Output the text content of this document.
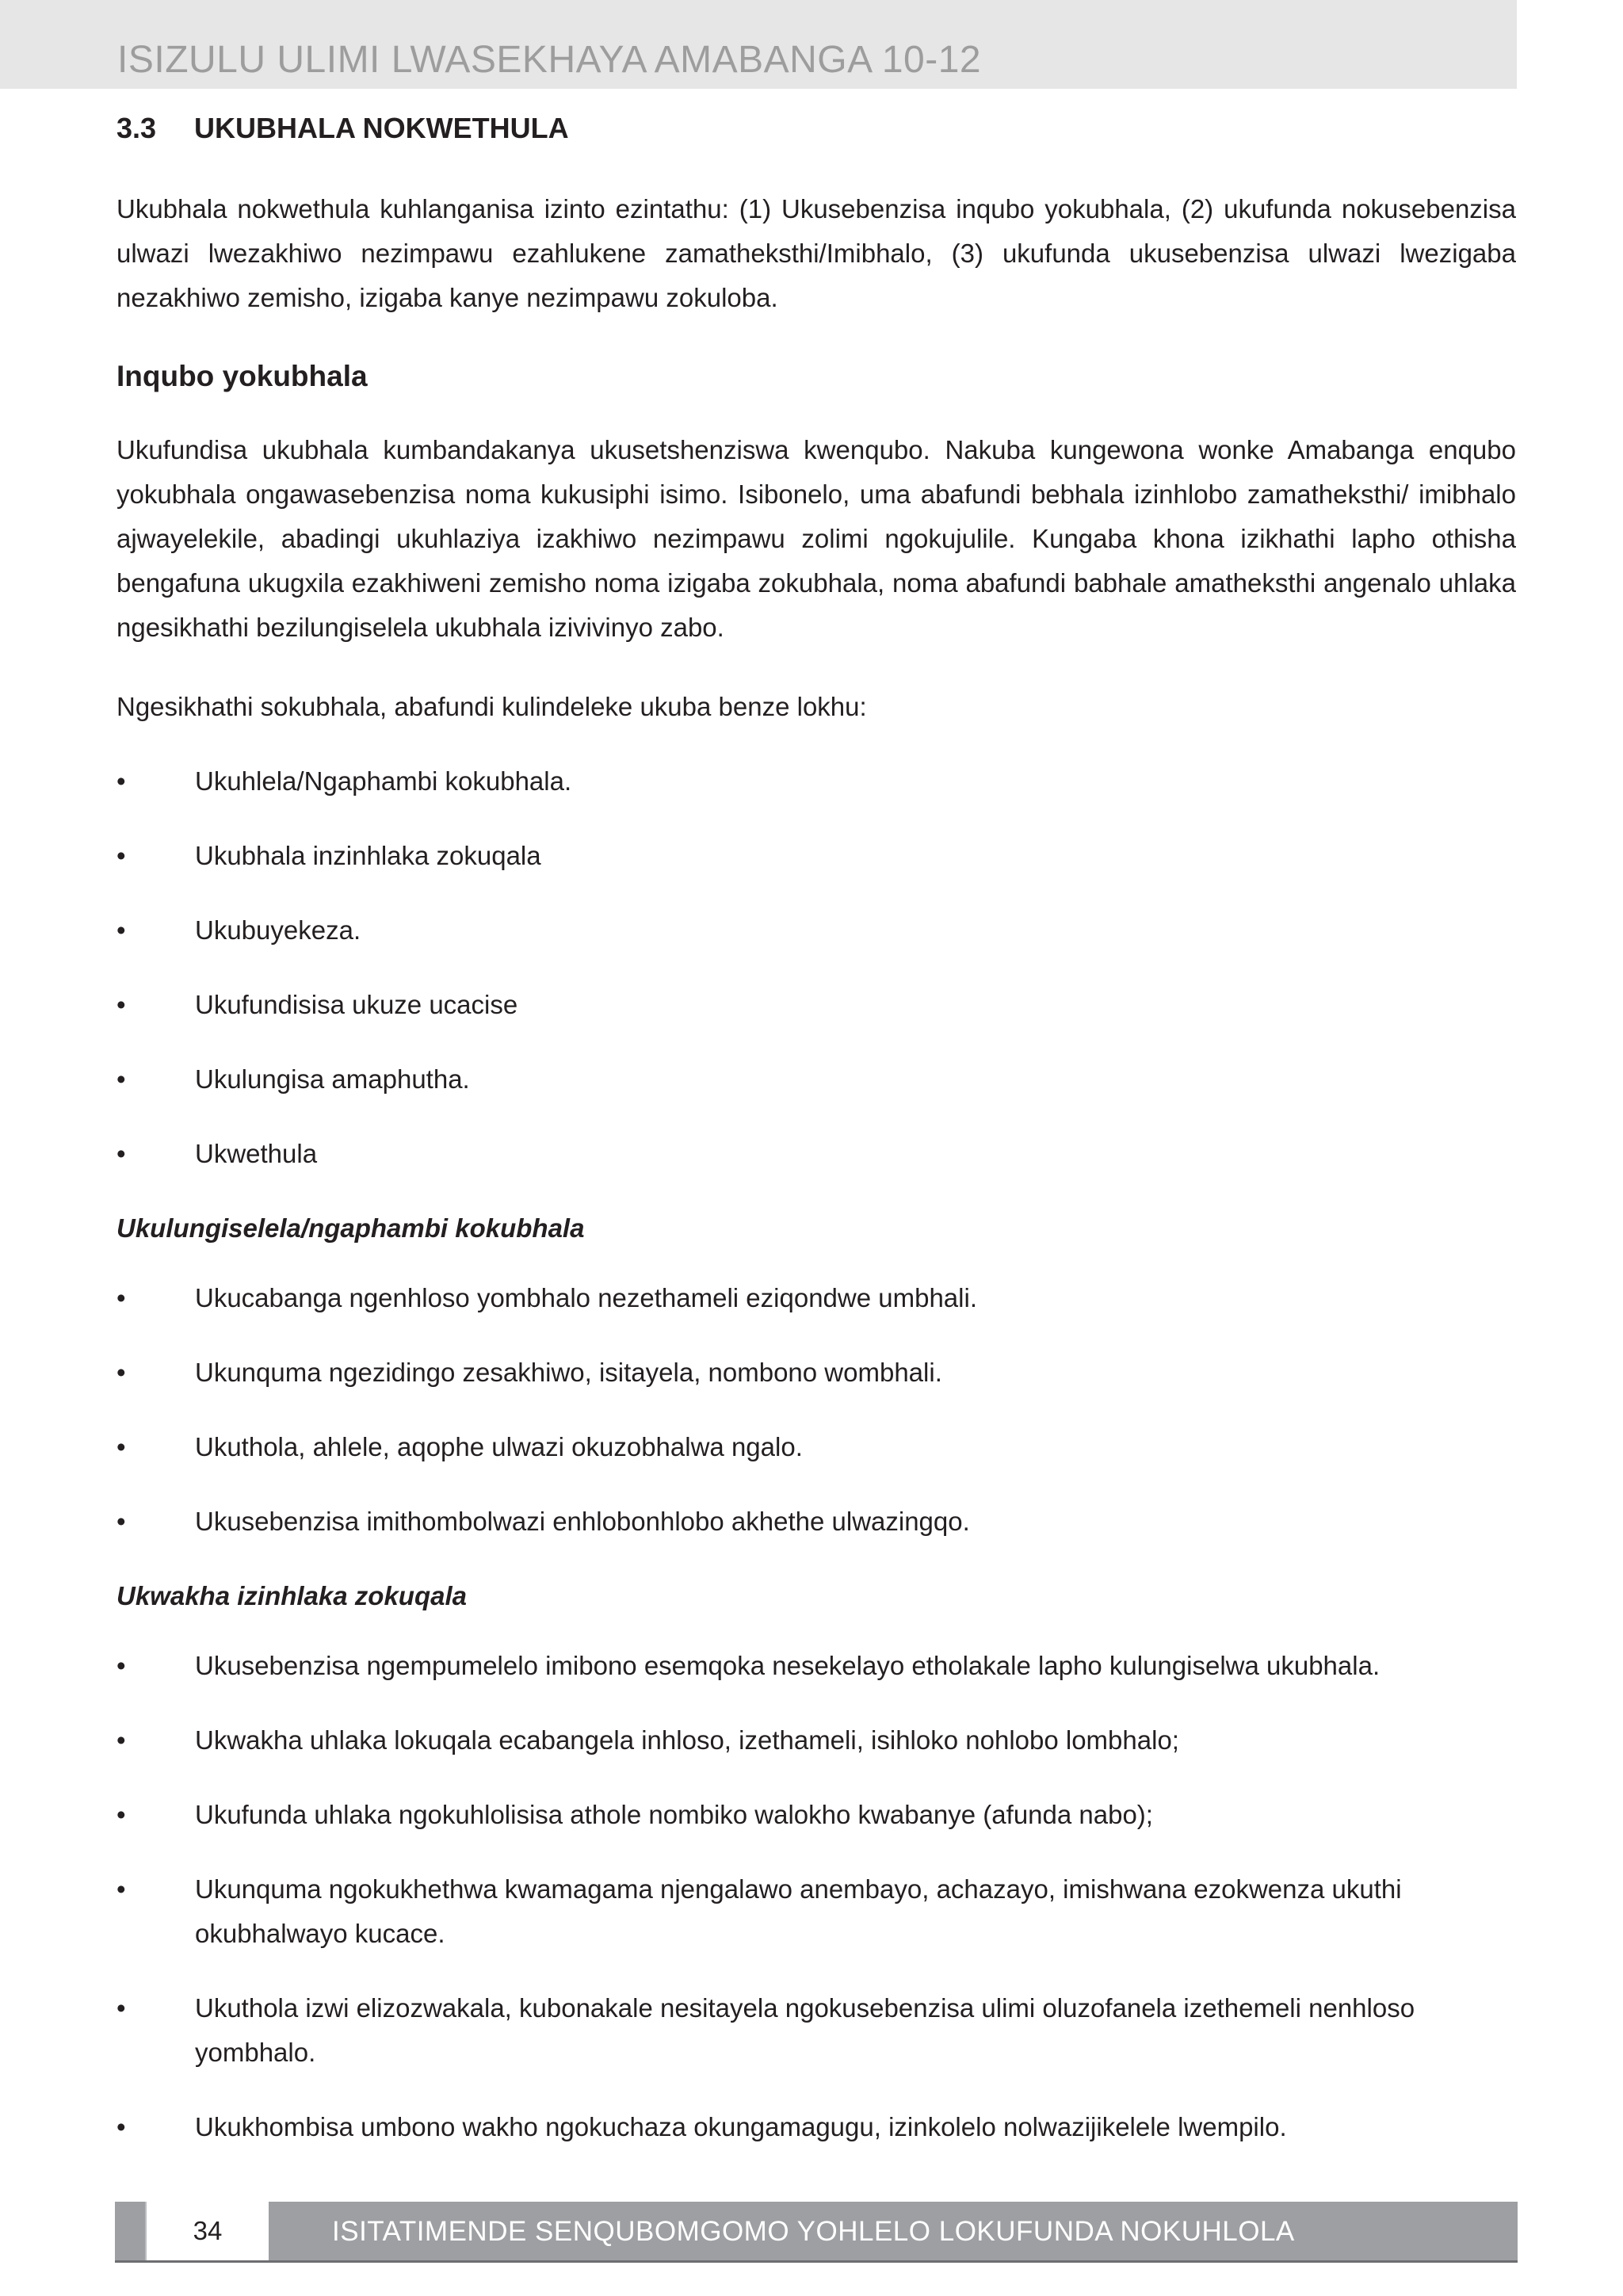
ISIZULU ULIMI LWASEKHAYA AMABANGA 10-12
3.3 UKUBHALA NOKWETHULA

Ukubhala nokwethula kuhlanganisa izinto ezintathu: (1) Ukusebenzisa inqubo yokubhala, (2) ukufunda nokusebenzisa ulwazi lwezakhiwo nezimpawu ezahlukene zamatheksthi/Imibhalo, (3) ukufunda ukusebenzisa ulwazi lwezigaba nezakhiwo zemisho, izigaba kanye nezimpawu zokuloba.

Inqubo yokubhala

Ukufundisa ukubhala kumbandakanya ukusetshenziswa kwenqubo. Nakuba kungewona wonke Amabanga enqubo yokubhala ongawasebenzisa noma kukusiphi isimo. Isibonelo, uma abafundi bebhala izinhlobo zamatheksthi/ imibhalo ajwayelekile, abadingi ukuhlaziya izakhiwo nezimpawu zolimi ngokujulile. Kungaba khona izikhathi lapho othisha bengafuna ukugxila ezakhiweni zemisho noma izigaba zokubhala, noma abafundi babhale amatheksthi angenalo uhlaka ngesikhathi bezilungiselela ukubhala izivivinyo zabo.

Ngesikhathi sokubhala, abafundi kulindeleke ukuba benze lokhu:

•	Ukuhlela/Ngaphambi kokubhala.
•	Ukubhala inzinhlaka zokuqala
•	Ukubuyekeza.
•	Ukufundisisa ukuze ucacise
•	Ukulungisa amaphutha.
•	Ukwethula
Ukulungiselela/ngaphambi kokubhala
•	Ukucabanga ngenhloso yombhalo nezethameli eziqondwe umbhali.
•	Ukunquma ngezidingo zesakhiwo, isitayela, nombono wombhali.
•	Ukuthola, ahlele, aqophe ulwazi okuzobhalwa ngalo.
•	Ukusebenzisa imithombolwazi enhlobonhlobo akhethe ulwazingqo.
Ukwakha izinhlaka zokuqala
•	Ukusebenzisa ngempumelelo imibono esemqoka nesekelayo etholakale lapho kulungiselwa ukubhala.
•	Ukwakha uhlaka lokuqala ecabangela inhloso, izethameli, isihloko nohlobo lombhalo;
•	Ukufunda uhlaka ngokuhlolisisa athole nombiko walokho kwabanye (afunda nabo);
•	Ukunquma ngokukhethwa kwamagama njengalawo anembayo, achazayo, imishwana ezokwenza ukuthi okubhalwayo kucace.
•	Ukuthola izwi elizozwakala, kubonakale nesitayela ngokusebenzisa ulimi oluzofanela izethemeli nenhloso yombhalo.
•	Ukukhombisa umbono wakho ngokuchaza okungamagugu, izinkolelo nolwazijikelele lwempilo.
34	ISITATIMENDE SENQUBOMGOMO YOHLELO LOKUFUNDA NOKUHLOLA
